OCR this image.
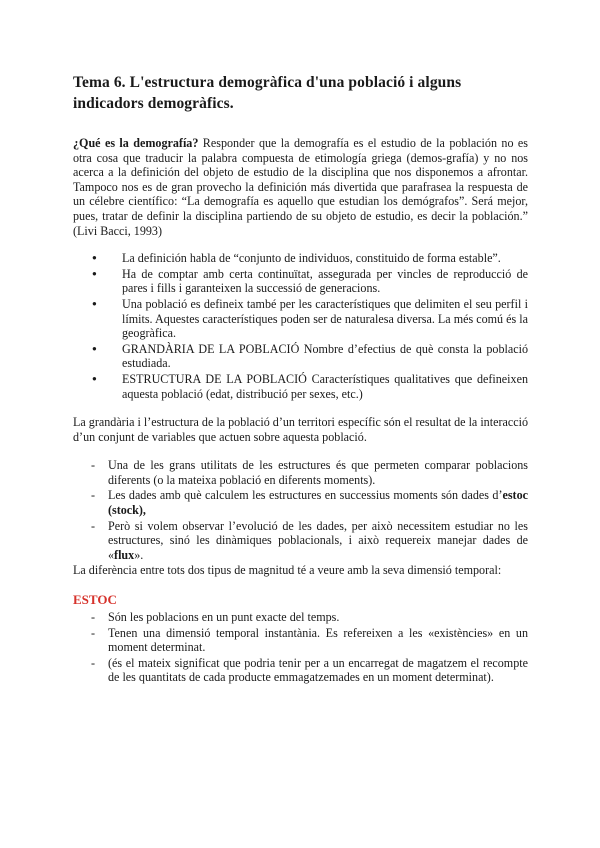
Tema 6. L'estructura demogràfica d'una població i alguns indicadors demogràfics.

¿Qué es la demografía? Responder que la demografía es el estudio de la población no es otra cosa que traducir la palabra compuesta de etimología griega (demos-grafía) y no nos acerca a la definición del objeto de estudio de la disciplina que nos disponemos a afrontar. Tampoco nos es de gran provecho la definición más divertida que parafrasea la respuesta de un célebre científico: “La demografía es aquello que estudian los demógrafos”. Será mejor, pues, tratar de definir la disciplina partiendo de su objeto de estudio, es decir la población.” (Livi Bacci, 1993)

● La definición habla de “conjunto de individuos, constituido de forma estable”.
● Ha de comptar amb certa continuïtat, assegurada per vincles de reproducció de pares i fills i garanteixen la successió de generacions.
● Una població es defineix també per les característiques que delimiten el seu perfil i límits. Aquestes característiques poden ser de naturalesa diversa. La més comú és la geogràfica.
● GRANDÀRIA DE LA POBLACIÓ Nombre d’efectius de què consta la població estudiada.
● ESTRUCTURA DE LA POBLACIÓ Característiques qualitatives que defineixen aquesta població (edat, distribució per sexes, etc.)

La grandària i l’estructura de la població d’un territori específic són el resultat de la interacció d’un conjunt de variables que actuen sobre aquesta població.

- Una de les grans utilitats de les estructures és que permeten comparar poblacions diferents (o la mateixa població en diferents moments).
- Les dades amb què calculem les estructures en successius moments són dades d’estoc (stock),
- Però si volem observar l’evolució de les dades, per això necessitem estudiar no les estructures, sinó les dinàmiques poblacionals, i això requereix manejar dades de «flux».

La diferència entre tots dos tipus de magnitud té a veure amb la seva dimensió temporal:

ESTOC
- Són les poblacions en un punt exacte del temps.
- Tenen una dimensió temporal instantània. Es refereixen a les «existències» en un moment determinat.
- (és el mateix significat que podria tenir per a un encarregat de magatzem el recompte de les quantitats de cada producte emmagatzemades en un moment determinat).
